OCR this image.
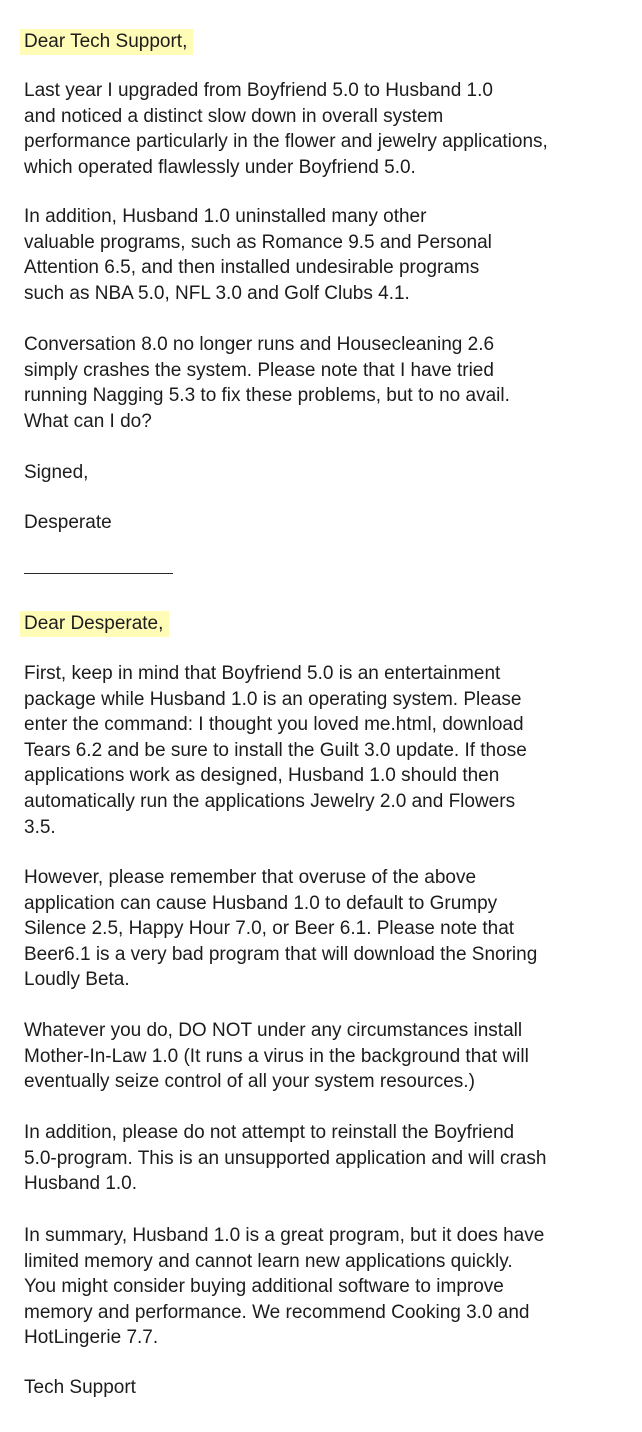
Dear Tech Support,

Last year I upgraded from Boyfriend 5.0 to Husband 1.0
and noticed a distinct slow down in overall system
performance particularly in the flower and jewelry applications,
which operated flawlessly under Boyfriend 5.0.

In addition, Husband 1.0 uninstalled many other
valuable programs, such as Romance 9.5 and Personal
Attention 6.5, and then installed undesirable programs
such as NBA 5.0, NFL 3.0 and Golf Clubs 4.1.

Conversation 8.0 no longer runs and Housecleaning 2.6
simply crashes the system. Please note that I have tried
running Nagging 5.3 to fix these problems, but to no avail.
What can I do?

Signed,

Desperate

Dear Desperate,

First, keep in mind that Boyfriend 5.0 is an entertainment
package while Husband 1.0 is an operating system. Please
enter the command: I thought you loved me.html, download
Tears 6.2 and be sure to install the Guilt 3.0 update. If those
applications work as designed, Husband 1.0 should then
automatically run the applications Jewelry 2.0 and Flowers
3.5.

However, please remember that overuse of the above
application can cause Husband 1.0 to default to Grumpy
Silence 2.5, Happy Hour 7.0, or Beer 6.1. Please note that
Beer6.1 is a very bad program that will download the Snoring
Loudly Beta.

Whatever you do, DO NOT under any circumstances install
Mother-In-Law 1.0 (It runs a virus in the background that will
eventually seize control of all your system resources.)

In addition, please do not attempt to reinstall the Boyfriend
5.0-program. This is an unsupported application and will crash
Husband 1.0.

In summary, Husband 1.0 is a great program, but it does have
limited memory and cannot learn new applications quickly.
You might consider buying additional software to improve
memory and performance. We recommend Cooking 3.0 and
HotLingerie 7.7.

Tech Support
